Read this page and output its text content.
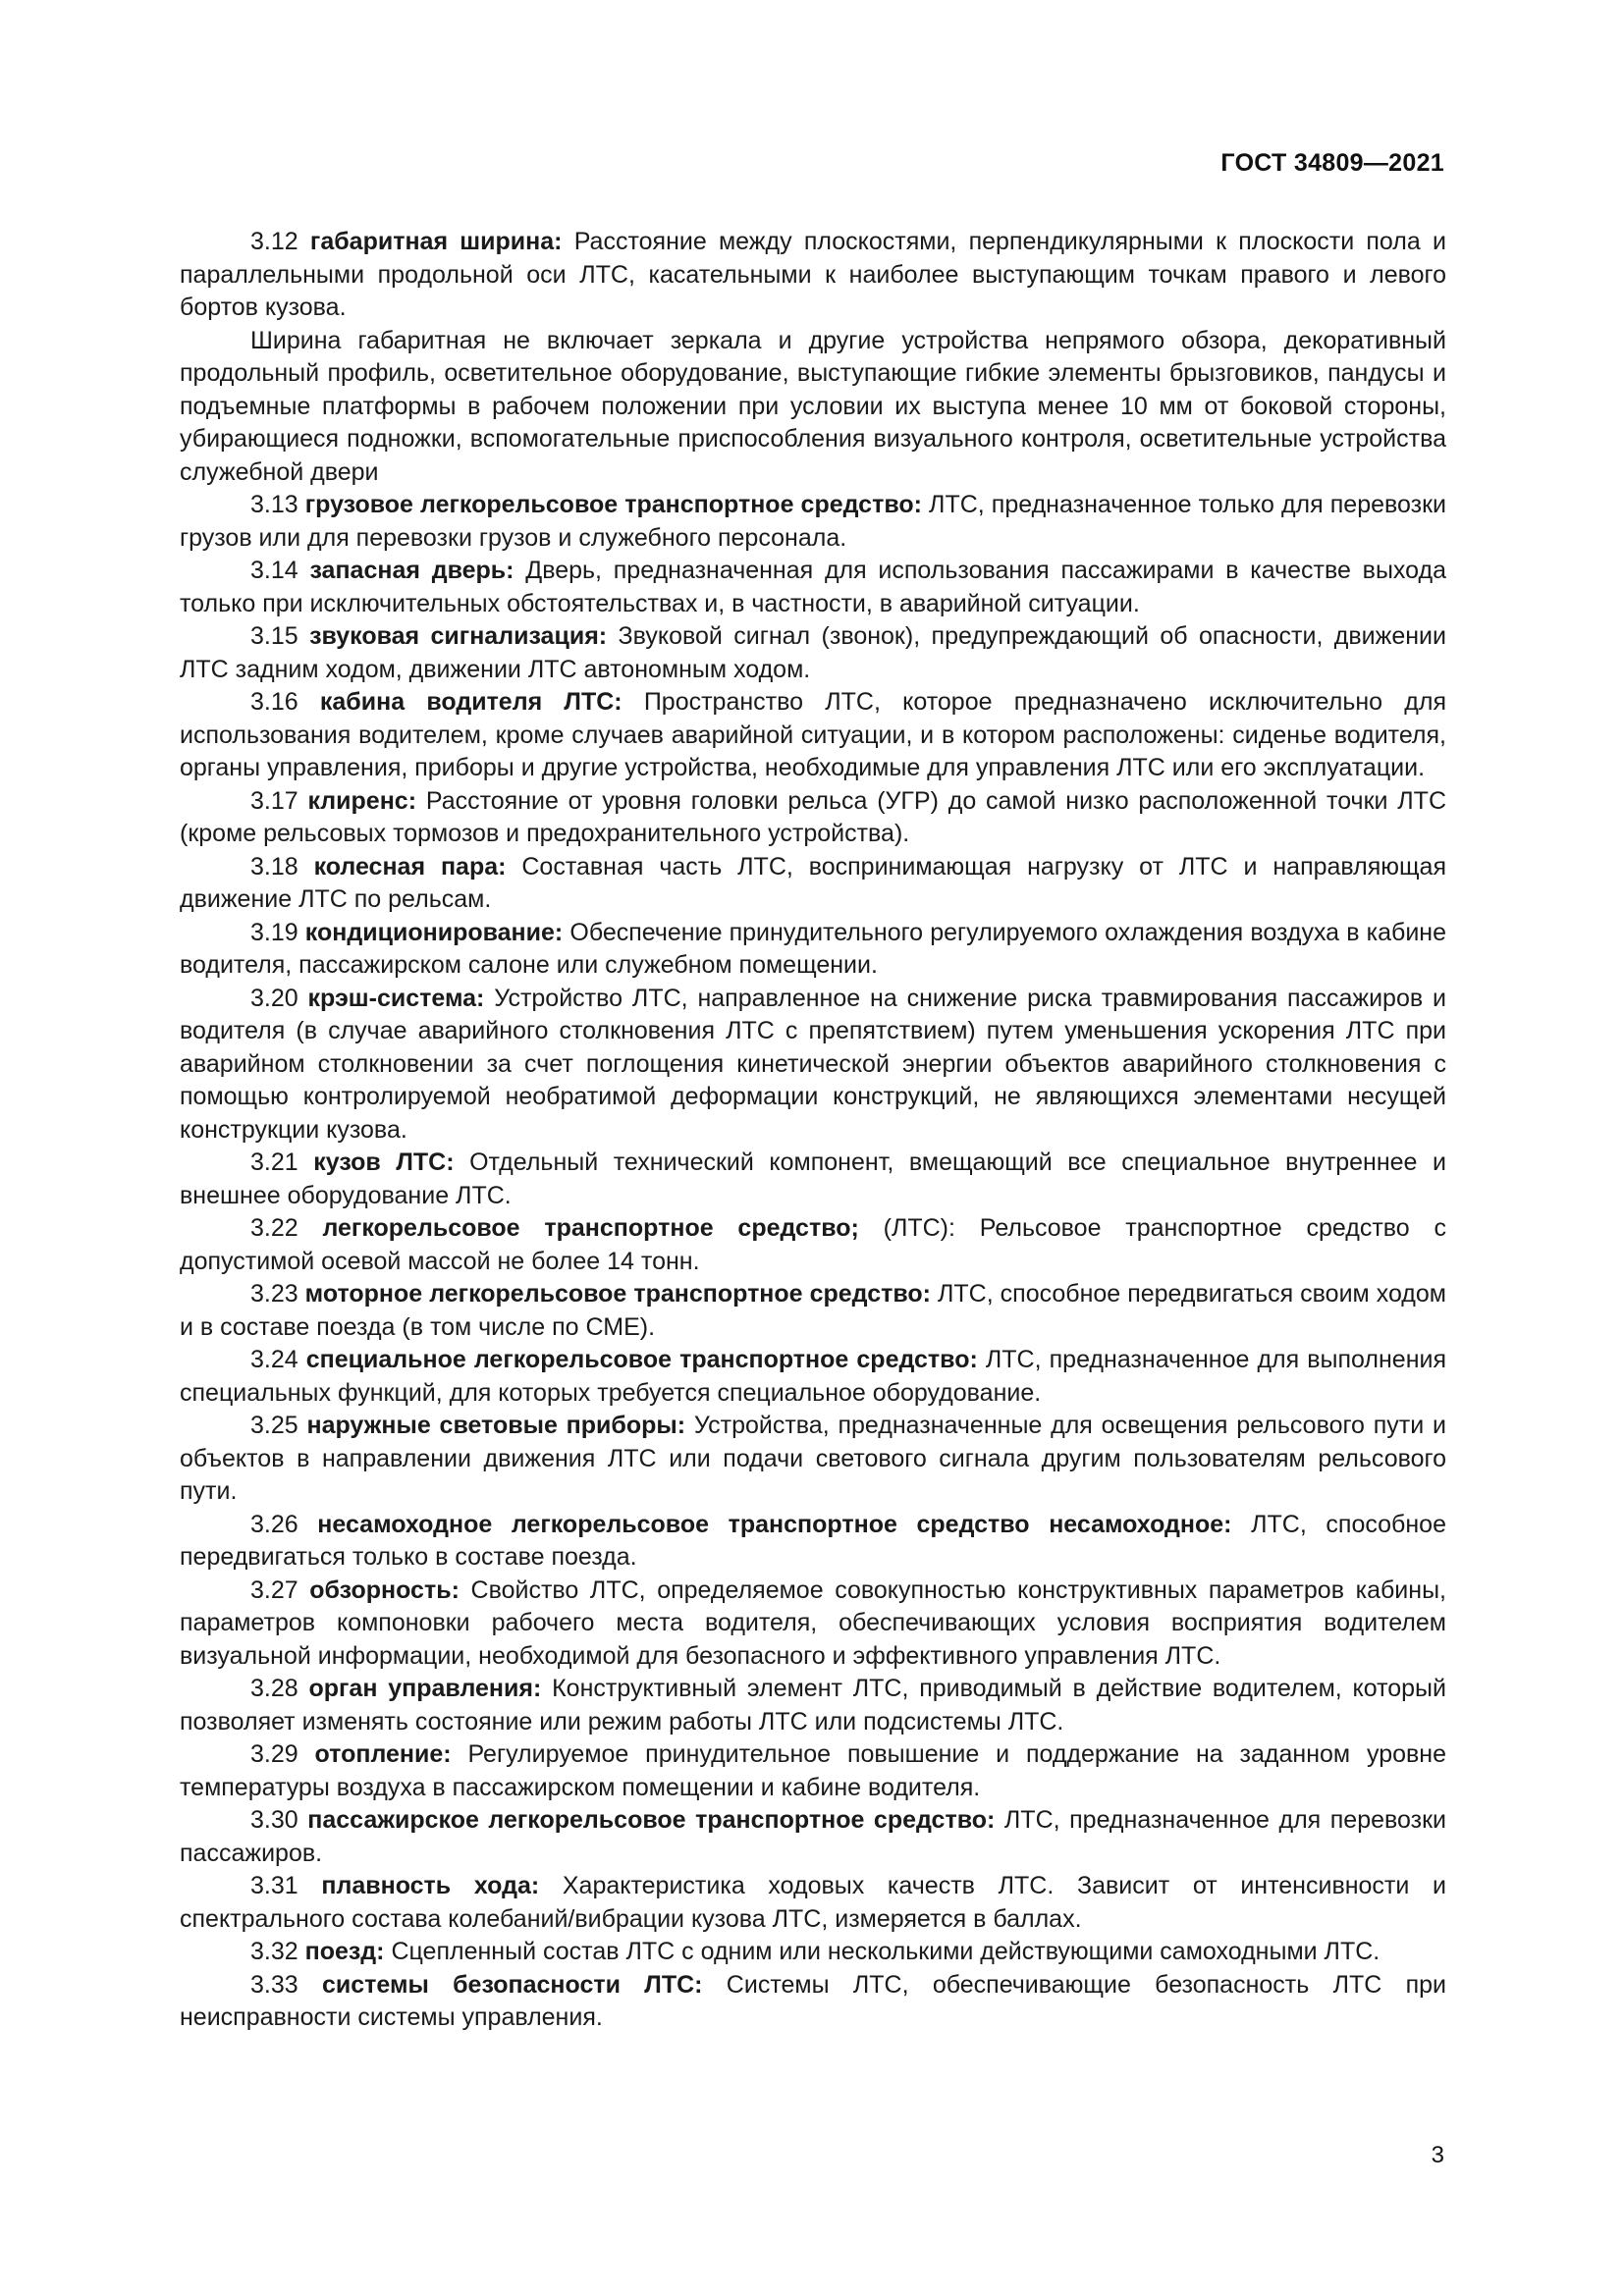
ГОСТ 34809—2021

3.12 габаритная ширина: Расстояние между плоскостями, перпендикулярными к плоскости пола и параллельными продольной оси ЛТС, касательными к наиболее выступающим точкам правого и левого бортов кузова.

Ширина габаритная не включает зеркала и другие устройства непрямого обзора, декоративный продольный профиль, осветительное оборудование, выступающие гибкие элементы брызговиков, пандусы и подъемные платформы в рабочем положении при условии их выступа менее 10 мм от боковой стороны, убирающиеся подножки, вспомогательные приспособления визуального контроля, осветительные устройства служебной двери

3.13 грузовое легкорельсовое транспортное средство: ЛТС, предназначенное только для перевозки грузов или для перевозки грузов и служебного персонала.

3.14 запасная дверь: Дверь, предназначенная для использования пассажирами в качестве выхода только при исключительных обстоятельствах и, в частности, в аварийной ситуации.

3.15 звуковая сигнализация: Звуковой сигнал (звонок), предупреждающий об опасности, движении ЛТС задним ходом, движении ЛТС автономным ходом.

3.16 кабина водителя ЛТС: Пространство ЛТС, которое предназначено исключительно для использования водителем, кроме случаев аварийной ситуации, и в котором расположены: сиденье водителя, органы управления, приборы и другие устройства, необходимые для управления ЛТС или его эксплуатации.

3.17 клиренс: Расстояние от уровня головки рельса (УГР) до самой низко расположенной точки ЛТС (кроме рельсовых тормозов и предохранительного устройства).

3.18 колесная пара: Составная часть ЛТС, воспринимающая нагрузку от ЛТС и направляющая движение ЛТС по рельсам.

3.19 кондиционирование: Обеспечение принудительного регулируемого охлаждения воздуха в кабине водителя, пассажирском салоне или служебном помещении.

3.20 крэш-система: Устройство ЛТС, направленное на снижение риска травмирования пассажиров и водителя (в случае аварийного столкновения ЛТС с препятствием) путем уменьшения ускорения ЛТС при аварийном столкновении за счет поглощения кинетической энергии объектов аварийного столкновения с помощью контролируемой необратимой деформации конструкций, не являющихся элементами несущей конструкции кузова.

3.21 кузов ЛТС: Отдельный технический компонент, вмещающий все специальное внутреннее и внешнее оборудование ЛТС.

3.22 легкорельсовое транспортное средство; (ЛТС): Рельсовое транспортное средство с допустимой осевой массой не более 14 тонн.

3.23 моторное легкорельсовое транспортное средство: ЛТС, способное передвигаться своим ходом и в составе поезда (в том числе по СМЕ).

3.24 специальное легкорельсовое транспортное средство: ЛТС, предназначенное для выполнения специальных функций, для которых требуется специальное оборудование.

3.25 наружные световые приборы: Устройства, предназначенные для освещения рельсового пути и объектов в направлении движения ЛТС или подачи светового сигнала другим пользователям рельсового пути.

3.26 несамоходное легкорельсовое транспортное средство несамоходное: ЛТС, способное передвигаться только в составе поезда.

3.27 обзорность: Свойство ЛТС, определяемое совокупностью конструктивных параметров кабины, параметров компоновки рабочего места водителя, обеспечивающих условия восприятия водителем визуальной информации, необходимой для безопасного и эффективного управления ЛТС.

3.28 орган управления: Конструктивный элемент ЛТС, приводимый в действие водителем, который позволяет изменять состояние или режим работы ЛТС или подсистемы ЛТС.

3.29 отопление: Регулируемое принудительное повышение и поддержание на заданном уровне температуры воздуха в пассажирском помещении и кабине водителя.

3.30 пассажирское легкорельсовое транспортное средство: ЛТС, предназначенное для перевозки пассажиров.

3.31 плавность хода: Характеристика ходовых качеств ЛТС. Зависит от интенсивности и спектрального состава колебаний/вибрации кузова ЛТС, измеряется в баллах.

3.32 поезд: Сцепленный состав ЛТС с одним или несколькими действующими самоходными ЛТС.

3.33 системы безопасности ЛТС: Системы ЛТС, обеспечивающие безопасность ЛТС при неисправности системы управления.

3
